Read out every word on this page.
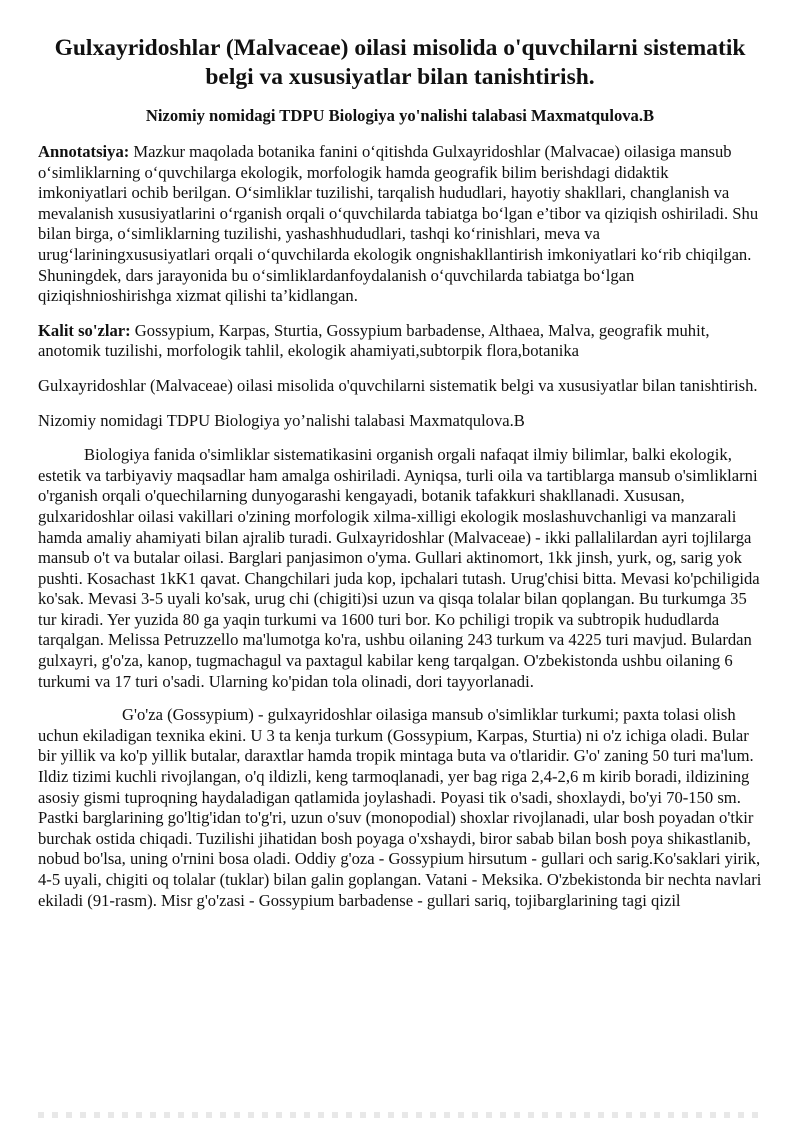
Gulxayridoshlar (Malvaceae) oilasi misolida o'quvchilarni sistematik belgi va xususiyatlar bilan tanishtirish.
Nizomiy nomidagi TDPU Biologiya yo'nalishi talabasi Maxmatqulova.B

Annotatsiya: Mazkur maqolada botanika fanini o‘qitishda Gulxayridoshlar (Malvacae) oilasiga mansub o‘simliklarning o‘quvchilarga ekologik, morfologik hamda geografik bilim berishdagi didaktik imkoniyatlari ochib berilgan. O‘simliklar tuzilishi, tarqalish hududlari, hayotiy shakllari, changlanish va mevalanish xususiyatlarini o‘rganish orqali o‘quvchilarda tabiatga bo‘lgan e’tibor va qiziqish oshiriladi. Shu bilan birga, o‘simliklarning tuzilishi, yashashhududlari, tashqi ko‘rinishlari, meva va urug‘lariningxususiyatlari orqali o‘quvchilarda ekologik ongnishakllantirish imkoniyatlari ko‘rib chiqilgan. Shuningdek, dars jarayonida bu o‘simliklardanfoydalanish o‘quvchilarda tabiatga bo‘lgan qiziqishnioshirishga xizmat qilishi ta’kidlangan.

Kalit so'zlar: Gossypium, Karpas, Sturtia, Gossypium barbadense, Althaea, Malva, geografik muhit, anotomik tuzilishi, morfologik tahlil, ekologik ahamiyati,subtorpik flora,botanika

Gulxayridoshlar (Malvaceae) oilasi misolida o'quvchilarni sistematik belgi va xususiyatlar bilan tanishtirish.

Nizomiy nomidagi TDPU Biologiya yo’nalishi talabasi Maxmatqulova.B

Biologiya fanida o'simliklar sistematikasini organish orgali nafaqat ilmiy bilimlar, balki ekologik, estetik va tarbiyaviy maqsadlar ham amalga oshiriladi. Ayniqsa, turli oila va tartiblarga mansub o'simliklarni o'rganish orqali o'quechilarning dunyogarashi kengayadi, botanik tafakkuri shakllanadi. Xususan, gulxaridoshlar oilasi vakillari o'zining morfologik xilma-xilligi ekologik moslashuvchanligi va manzarali hamda amaliy ahamiyati bilan ajralib turadi. Gulxayridoshlar (Malvaceae) - ikki pallalilardan ayri tojlilarga mansub o't va butalar oilasi. Barglari panjasimon o'yma. Gullari aktinomort, 1kk jinsh, yurk, og, sarig yok pushti. Kosachast 1kK1 qavat. Changchilari juda kop, ipchalari tutash. Urug'chisi bitta. Mevasi ko'pchiligida ko'sak. Mevasi 3-5 uyali ko'sak, urug chi (chigiti)si uzun va qisqa tolalar bilan qoplangan. Bu turkumga 35 tur kiradi. Yer yuzida 80 ga yaqin turkumi va 1600 turi bor. Ko pchiligi tropik va subtropik hududlarda tarqalgan. Melissa Petruzzello ma'lumotga ko'ra, ushbu oilaning 243 turkum va 4225 turi mavjud. Bulardan gulxayri, g'o'za, kanop, tugmachagul va paxtagul kabilar keng tarqalgan. O'zbekistonda ushbu oilaning 6 turkumi va 17 turi o'sadi. Ularning ko'pidan tola olinadi, dori tayyorlanadi.

G'o'za (Gossypium) - gulxayridoshlar oilasiga mansub o'simliklar turkumi; paxta tolasi olish uchun ekiladigan texnika ekini. U 3 ta kenja turkum (Gossypium, Karpas, Sturtia) ni o'z ichiga oladi. Bular bir yillik va ko'p yillik butalar, daraxtlar hamda tropik mintaga buta va o'tlaridir. G'o' zaning 50 turi ma'lum. Ildiz tizimi kuchli rivojlangan, o'q ildizli, keng tarmoqlanadi, yer bag riga 2,4-2,6 m kirib boradi, ildizining asosiy gismi tuproqning haydaladigan qatlamida joylashadi. Poyasi tik o'sadi, shoxlaydi, bo'yi 70-150 sm. Pastki barglarining go'ltig'idan to'g'ri, uzun o'suv (monopodial) shoxlar rivojlanadi, ular bosh poyadan o'tkir burchak ostida chiqadi. Tuzilishi jihatidan bosh poyaga o'xshaydi, biror sabab bilan bosh poya shikastlanib, nobud bo'lsa, uning o'rnini bosa oladi. Oddiy g'oza - Gossypium hirsutum - gullari och sarig.Ko'saklari yirik, 4-5 uyali, chigiti oq tolalar (tuklar) bilan galin goplangan. Vatani - Meksika. O'zbekistonda bir nechta navlari ekiladi (91-rasm). Misr g'o'zasi - Gossypium barbadense - gullari sariq, tojibarglarining tagi qizil
